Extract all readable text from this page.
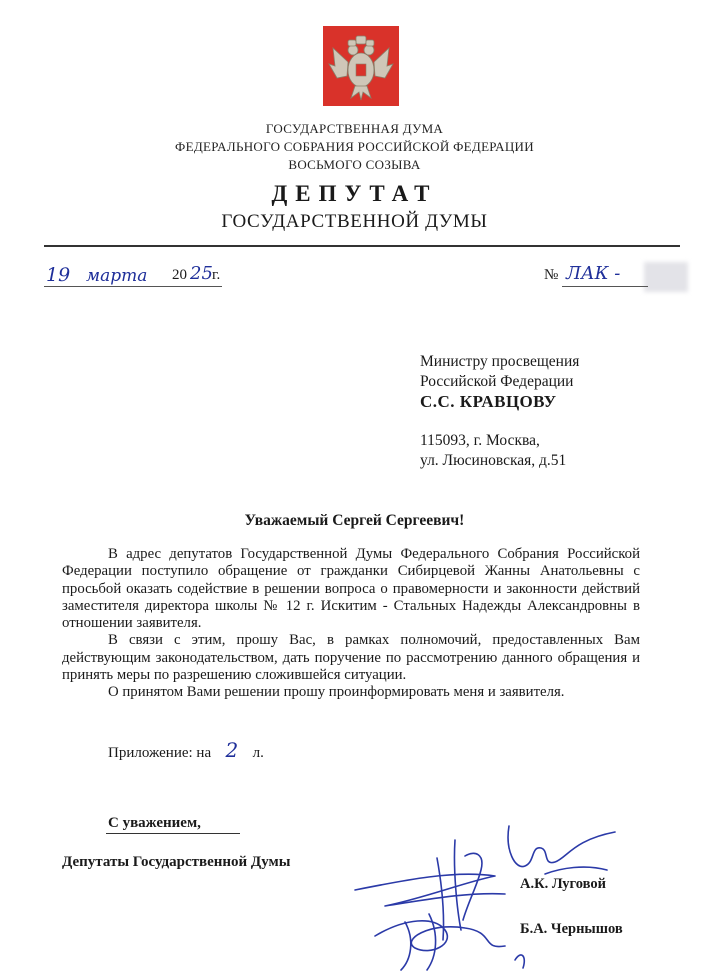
ГОСУДАРСТВЕННАЯ ДУМА
ФЕДЕРАЛЬНОГО СОБРАНИЯ РОССИЙСКОЙ ФЕДЕРАЦИИ
ВОСЬМОГО СОЗЫВА
ДЕПУТАТ
ГОСУДАРСТВЕННОЙ ДУМЫ
19 марта 20 25 г.	№ ЛАК -
Министру просвещения
Российской Федерации
С.С. КРАВЦОВУ
115093, г. Москва,
ул. Люсиновская, д.51
Уважаемый Сергей Сергеевич!

В адрес депутатов Государственной Думы Федерального Собрания Российской Федерации поступило обращение от гражданки Сибирцевой Жанны Анатольевны с просьбой оказать содействие в решении вопроса о правомерности и законности действий заместителя директора школы № 12 г. Искитим - Стальных Надежды Александровны в отношении заявителя.

В связи с этим, прошу Вас, в рамках полномочий, предоставленных Вам действующим законодательством, дать поручение по рассмотрению данного обращения и принять меры по разрешению сложившейся ситуации.

О принятом Вами решении прошу проинформировать меня и заявителя.

Приложение: на 2 л.
С уважением,
Депутаты Государственной Думы
А.К. Луговой
Б.А. Чернышов
